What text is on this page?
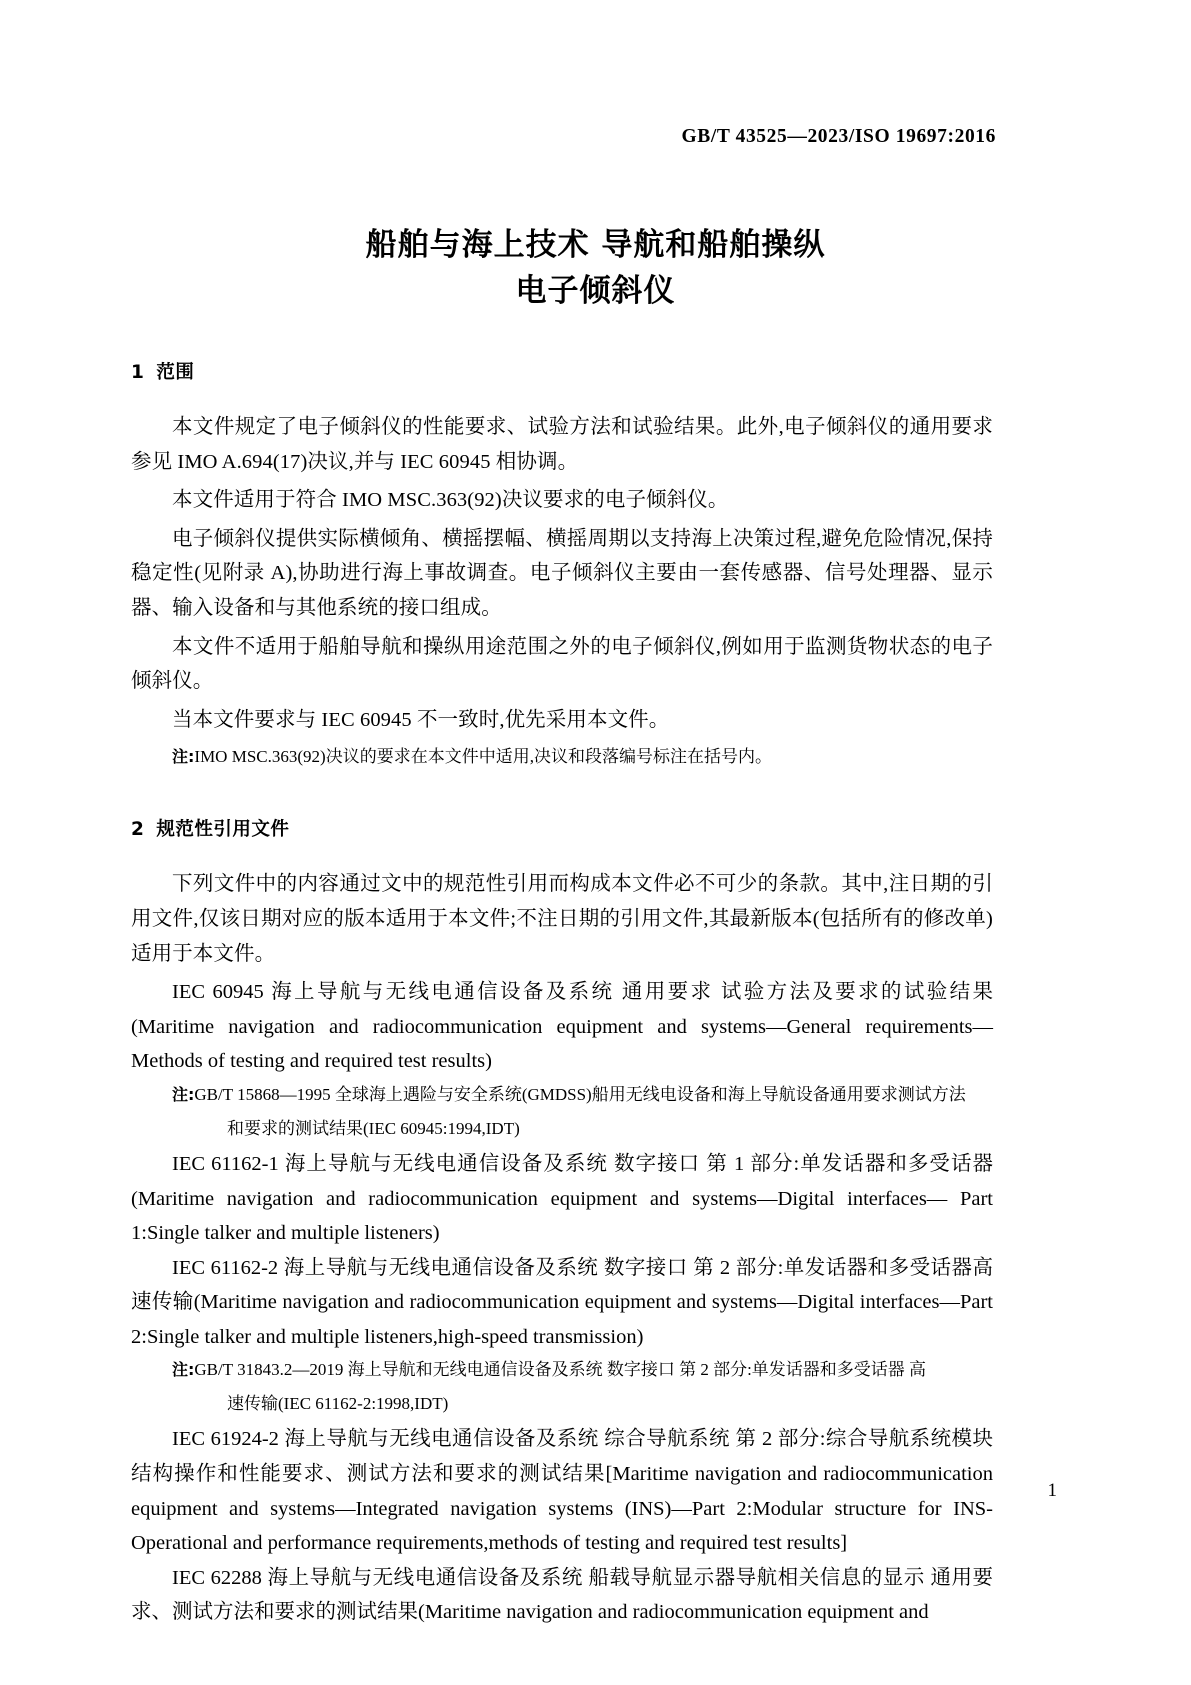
GB/T 43525—2023/ISO 19697:2016
船舶与海上技术 导航和船舶操纵
电子倾斜仪
1 范围

本文件规定了电子倾斜仪的性能要求、试验方法和试验结果。此外,电子倾斜仪的通用要求参见 IMO A.694(17)决议,并与 IEC 60945 相协调。

本文件适用于符合 IMO MSC.363(92)决议要求的电子倾斜仪。

电子倾斜仪提供实际横倾角、横摇摆幅、横摇周期以支持海上决策过程,避免危险情况,保持稳定性(见附录 A),协助进行海上事故调查。电子倾斜仪主要由一套传感器、信号处理器、显示器、输入设备和与其他系统的接口组成。

本文件不适用于船舶导航和操纵用途范围之外的电子倾斜仪,例如用于监测货物状态的电子倾斜仪。

当本文件要求与 IEC 60945 不一致时,优先采用本文件。

注:IMO MSC.363(92)决议的要求在本文件中适用,决议和段落编号标注在括号内。

2 规范性引用文件

下列文件中的内容通过文中的规范性引用而构成本文件必不可少的条款。其中,注日期的引用文件,仅该日期对应的版本适用于本文件;不注日期的引用文件,其最新版本(包括所有的修改单)适用于本文件。

IEC 60945 海上导航与无线电通信设备及系统 通用要求 试验方法及要求的试验结果(Maritime navigation and radiocommunication equipment and systems—General requirements—Methods of testing and required test results)

注:GB/T 15868—1995 全球海上遇险与安全系统(GMDSS)船用无线电设备和海上导航设备通用要求测试方法

和要求的测试结果(IEC 60945:1994,IDT)

IEC 61162-1 海上导航与无线电通信设备及系统 数字接口 第 1 部分:单发话器和多受话器(Maritime navigation and radiocommunication equipment and systems—Digital interfaces— Part 1:Single talker and multiple listeners)

IEC 61162-2 海上导航与无线电通信设备及系统 数字接口 第 2 部分:单发话器和多受话器高速传输(Maritime navigation and radiocommunication equipment and systems—Digital interfaces—Part 2:Single talker and multiple listeners,high-speed transmission)

注:GB/T 31843.2—2019 海上导航和无线电通信设备及系统 数字接口 第 2 部分:单发话器和多受话器 高

速传输(IEC 61162-2:1998,IDT)

IEC 61924-2 海上导航与无线电通信设备及系统 综合导航系统 第 2 部分:综合导航系统模块结构操作和性能要求、测试方法和要求的测试结果[Maritime navigation and radiocommunication equipment and systems—Integrated navigation systems (INS)—Part 2:Modular structure for INS-Operational and performance requirements,methods of testing and required test results]

IEC 62288 海上导航与无线电通信设备及系统 船载导航显示器导航相关信息的显示 通用要求、测试方法和要求的测试结果(Maritime navigation and radiocommunication equipment and

1
